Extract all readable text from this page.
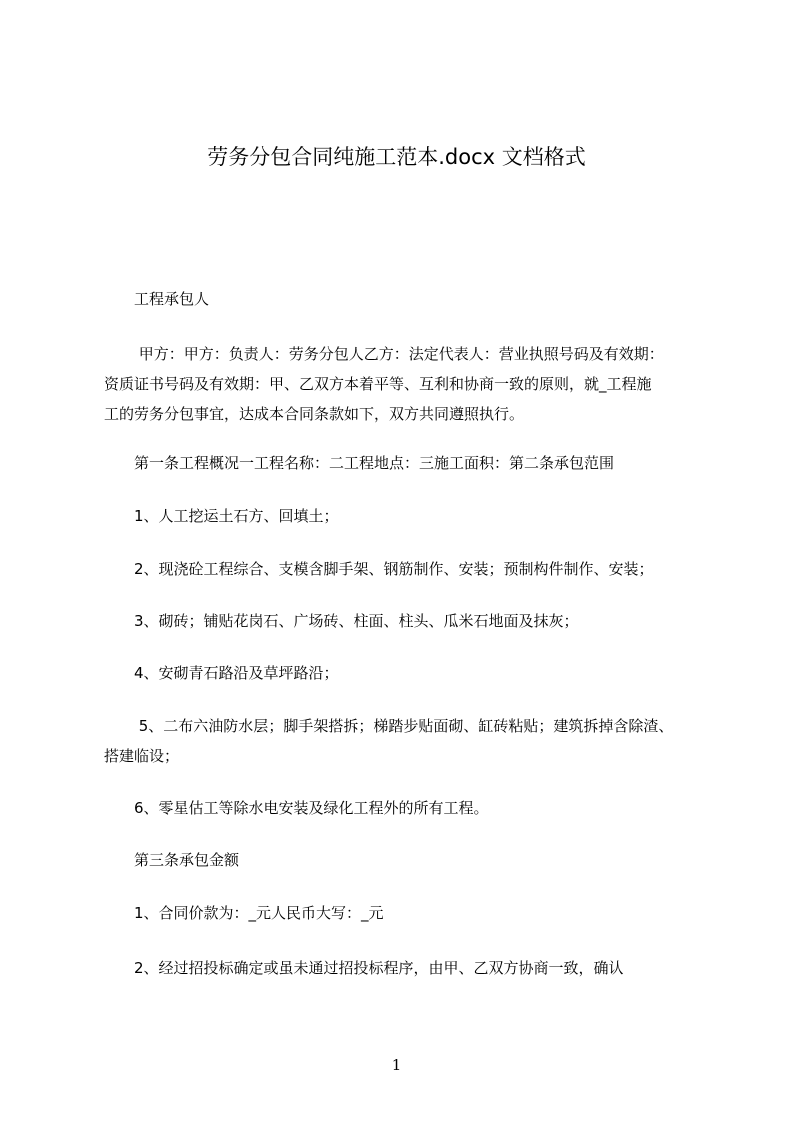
劳务分包合同纯施工范本.docx 文档格式
　　工程承包人
　　 甲方：甲方：负责人：劳务分包人乙方：法定代表人：营业执照号码及有效期：
资质证书号码及有效期：甲、乙双方本着平等、互利和协商一致的原则，就_工程施
工的劳务分包事宜，达成本合同条款如下，双方共同遵照执行。
　　第一条工程概况一工程名称：二工程地点：三施工面积：第二条承包范围
　　1、人工挖运土石方、回填土；
　　2、现浇砼工程综合、支模含脚手架、钢筋制作、安装；预制构件制作、安装；
　　3、砌砖；铺贴花岗石、广场砖、柱面、柱头、瓜米石地面及抹灰；
　　4、安砌青石路沿及草坪路沿；
　　 5、二布六油防水层；脚手架搭拆；梯踏步贴面砌、缸砖粘贴；建筑拆掉含除渣、
搭建临设；
　　6、零星估工等除水电安装及绿化工程外的所有工程。
　　第三条承包金额
　　1、合同价款为：_元人民币大写：_元
　　2、经过招投标确定或虽未通过招投标程序，由甲、乙双方协商一致，确认
1
